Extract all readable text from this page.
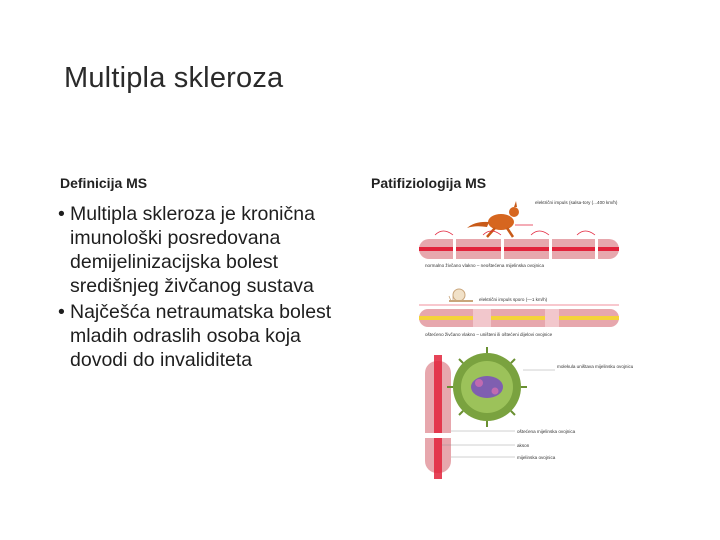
Multipla skleroza
Definicija MS
• Multipla skleroza je kronična imunološki posredovana demijelinizacijska bolest središnjeg živčanog sustava
• Najčešća netraumatska bolest mladih odraslih osoba koja dovodi do invaliditeta
Patifiziologija MS
električni impuls (salsa-tory (...400 km/h)
normalno živčano vlakno – neoštećena mijelinska ovojnica
električni impuls sporo (—1 km/h)
oštećeno živčano vlakno – uništeni ili oštećeni dijelovi ovojnice
molekula uništava mijelinsku ovojnicu
oštećena mijelinska ovojnica
akson
mijelinska ovojnica
